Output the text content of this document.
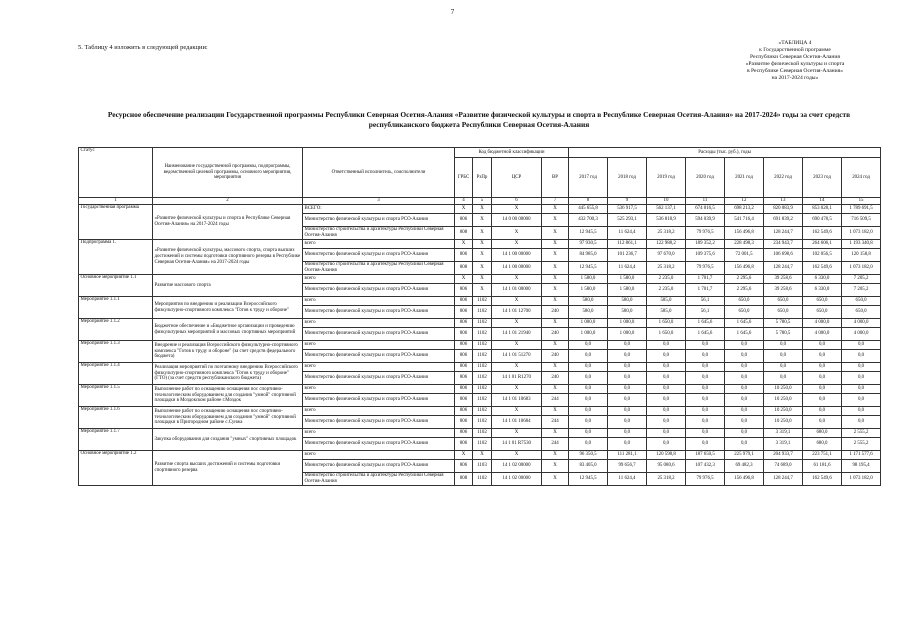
7
5. Таблицу 4 изложить в следующей редакции:
«ТАБЛИЦА 4
к Государственной программе
Республики Северная Осетия-Алания
«Развитие физической культуры и спорта
в Республике Северная Осетия-Алания»
на 2017-2024 годы»
Ресурсное обеспечение реализации Государственной программы Республики Северная Осетия-Алания «Развитие физической культуры и спорта в Республике Северная Осетия-Алания» на 2017-2024» годы за счет средств республиканского бюджета Республики Северная Осетия-Алания
Статус	Наименование государственной программы, подпрограммы, ведомственной целевой программы, основного мероприятия, мероприятия	Ответственный исполнитель, соисполнители	Код бюджетной классификации				Расходы (тыс. руб.), годы							
			ГРБС	РзПр	ЦСР	ВР	2017 год	2018 год	2019 год	2020 год	2021 год	2022 год	2023 год	2024 год
1	2	3	4	5	6	7	8	9	10	11	12	13	14	15
Государственная программа	«Развитие физической культуры и спорта в Республике Северная Осетия-Алания» на 2017-2024 годы	ВСЕГО:	X	X	X	X	445 655,8	536 917,5	562 137,1	674 016,5	698 213,2	820 083,9	853 028,1	1 789 691,5
		Министерство физической культуры и спорта РСО-Алания	806	X	14 0 00 00000	X	432 700,3	525 293,1	536 818,9	594 039,9	541 716,4	691 839,2	690 478,5	716 509,5
		Министерство строительства и архитектуры Республики Северная Осетия-Алания	808	X	X	X	12 945,5	11 624,4	25 318,2	79 976,5	156 496,8	128 244,7	162 549,6	1 073 182,0
Подпрограмма 1.	«Развитие физической культуры, массового спорта, спорта высших достижений и системы подготовки спортивного резерва в Республике Северная Осетия-Алания» на 2017-2024 годы	всего	X	X	X	X	97 930,5	112 861,1	122 988,2	189 352,2	228 498,3	234 943,7	264 606,1	1 193 340,8
		Министерство физической культуры и спорта РСО-Алания	806	X	14 1 00 00000	X	84 985,0	101 236,7	97 670,0	109 375,6	72 001,5	106 698,6	102 056,5	120 158,8
		Министерство строительства и архитектуры Республики Северная Осетия-Алания	808	X	14 1 00 00000	X	12 945,5	11 624,4	25 318,2	79 976,5	156 496,8	128 244,7	162 549,6	1 073 182,0
Основное мероприятие 1.1	Развитие массового спорта	всего	X	X	X	X	1 580,0	1 580,0	2 235,0	1 701,7	2 295,6	39 258,6	6 330,0	7 205,2
		Министерство физической культуры и спорта РСО-Алания	806	X	14 1 01 00000	X	1 580,0	1 580,0	2 235,0	1 701,7	2 295,6	39 258,6	6 330,0	7 205,2
Мероприятие 1.1.1	Мероприятия по внедрению и реализации Всероссийского физкультурно-спортивного комплекса "Готов к труду и обороне"	всего	806	1102	X	X	580,0	580,0	585,0	56,1	650,0	650,0	650,0	650,0
		Министерство физической культуры и спорта РСО-Алания	806	1102	14 1 01 12700	240	580,0	580,0	585,0	56,1	650,0	650,0	650,0	650,0
Мероприятие 1.1.2	Бюджетное обеспечение и «Бюджетное организации и проведению физкультурных мероприятий и массовых спортивных мероприятий	всего	806	1102	X	X	1 000,0	1 000,0	1 650,0	1 645,6	1 645,6	5 780,5	4 000,0	4 000,0
		Министерство физической культуры и спорта РСО-Алания	806	1102	14 1 01 21940	240	1 000,0	1 000,0	1 650,0	1 645,6	1 645,6	5 780,5	4 000,0	4 000,0
Мероприятие 1.1.3	Внедрение и реализация Всероссийского физкультурно-спортивного комплекса "Готов к труду и обороне" (за счет средств федерального бюджета)	всего	806	1102	X	X	0,0	0,0	0,0	0,0	0,0	0,0	0,0	0,0
		Министерство физической культуры и спорта РСО-Алания	806	1102	14 1 01 51270	240	0,0	0,0	0,0	0,0	0,0	0,0	0,0	0,0
Мероприятие 1.1.4	Реализация мероприятий по поэтапному внедрению Всероссийского физкультурно-спортивного комплекса "Готов к труду и обороне" (ГТО) (за счет средств республиканского бюджета)	всего	806	1102	X	X	0,0	0,0	0,0	0,0	0,0	0,0	0,0	0,0
		Министерство физической культуры и спорта РСО-Алания	806	1102	14 1 01 R1270	240	0,0	0,0	0,0	0,0	0,0	0,0	0,0	0,0
Мероприятие 1.1.5	Выполнение работ по оснащению оснащения пос спортивно-технологическим оборудованием для создания "умной" спортивной площадки в Моздокском районе г.Моздок	всего	806	1102	X	X	0,0	0,0	0,0	0,0	0,0	10 250,0	0,0	0,0
		Министерство физической культуры и спорта РСО-Алания	806	1102	14 1 01 10683	244	0,0	0,0	0,0	0,0	0,0	10 250,0	0,0	0,0
Мероприятие 1.1.6	Выполнение работ по оснащению оснащения пос спортивно-технологическим оборудованием для создания "умной" спортивной площадки в Пригородном районе с.Сунжа	всего	806	1102	X	X	0,0	0,0	0,0	0,0	0,0	10 250,0	0,0	0,0
		Министерство физической культуры и спорта РСО-Алания	806	1102	14 1 01 10684	244	0,0	0,0	0,0	0,0	0,0	10 250,0	0,0	0,0
Мероприятие 1.1.7	Закупка оборудования для создания "умных" спортивных площадок	всего	806	1102	X	X	0,0	0,0	0,0	0,0	0,0	3 319,1	680,0	2 555,2
		Министерство физической культуры и спорта РСО-Алания	806	1102	14 1 01 R7530	244	0,0	0,0	0,0	0,0	0,0	3 319,1	680,0	2 555,2
Основное мероприятие 1.2	Развитие спорта высших достижений и системы подготовки спортивного резерва	всего	X	X	X	X	96 350,5	111 281,1	120 598,8	187 650,5	225 979,1	204 933,7	223 751,1	1 171 577,6
		Министерство физической культуры и спорта РСО-Алания	806	1103	14 1 02 00000	X	83 405,0	99 656,7	95 080,6	107 432,3	69 482,3	74 689,0	61 181,6	98 195,4
		Министерство строительства и архитектуры Республики Северная Осетия-Алания	808	1102	14 1 02 00000	X	12 945,5	11 624,4	25 318,2	79 976,5	156 496,8	128 244,7	162 549,6	1 073 182,0
